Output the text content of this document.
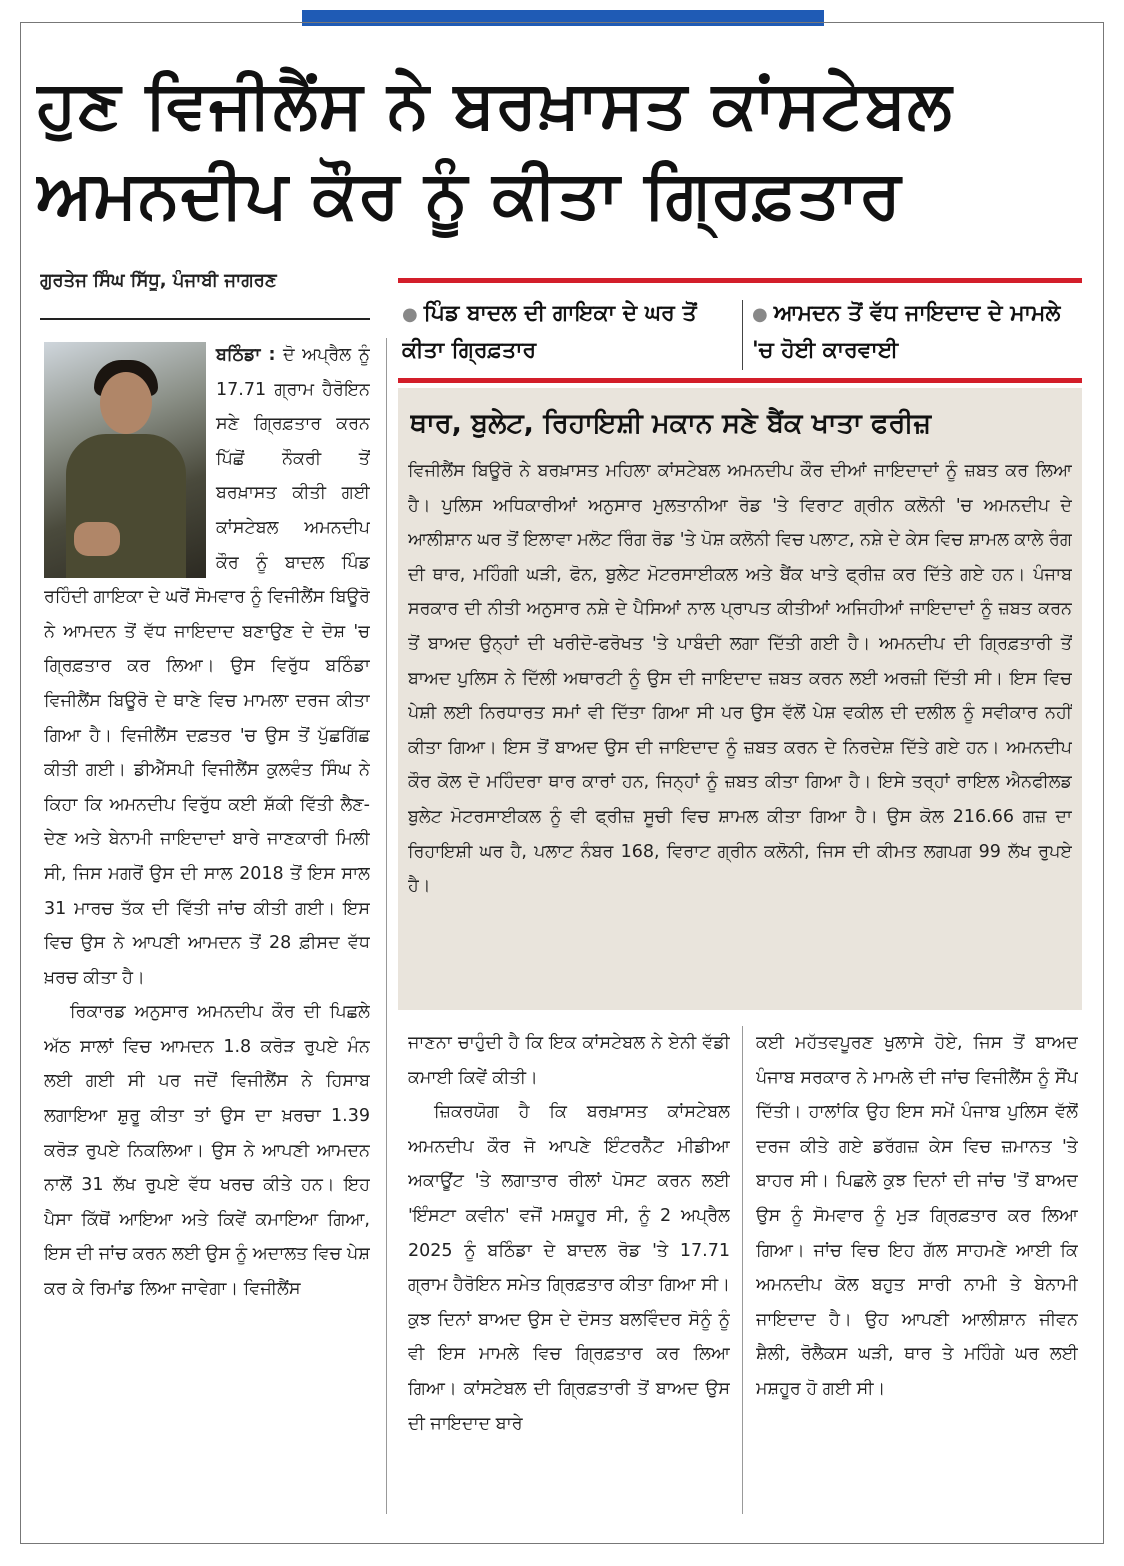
ਹੁਣ ਵਿਜੀਲੈਂਸ ਨੇ ਬਰਖ਼ਾਸਤ ਕਾਂਸਟੇਬਲ
ਅਮਨਦੀਪ ਕੌਰ ਨੂੰ ਕੀਤਾ ਗ੍ਰਿਫ਼ਤਾਰ
ਗੁਰਤੇਜ ਸਿੰਘ ਸਿੱਧੂ, ਪੰਜਾਬੀ ਜਾਗਰਣ
● ਪਿੰਡ ਬਾਦਲ ਦੀ ਗਾਇਕਾ ਦੇ ਘਰ ਤੋਂ ਕੀਤਾ ਗ੍ਰਿਫ਼ਤਾਰ
● ਆਮਦਨ ਤੋਂ ਵੱਧ ਜਾਇਦਾਦ ਦੇ ਮਾਮਲੇ 'ਚ ਹੋਈ ਕਾਰਵਾਈ
ਥਾਰ, ਬੁਲੇਟ, ਰਿਹਾਇਸ਼ੀ ਮਕਾਨ ਸਣੇ ਬੈਂਕ ਖਾਤਾ ਫਰੀਜ਼
ਵਿਜੀਲੈਂਸ ਬਿਊਰੋ ਨੇ ਬਰਖ਼ਾਸਤ ਮਹਿਲਾ ਕਾਂਸਟੇਬਲ ਅਮਨਦੀਪ ਕੌਰ ਦੀਆਂ ਜਾਇਦਾਦਾਂ ਨੂੰ ਜ਼ਬਤ ਕਰ ਲਿਆ ਹੈ। ਪੁਲਿਸ ਅਧਿਕਾਰੀਆਂ ਅਨੁਸਾਰ ਮੁਲਤਾਨੀਆ ਰੋਡ 'ਤੇ ਵਿਰਾਟ ਗ੍ਰੀਨ ਕਲੋਨੀ 'ਚ ਅਮਨਦੀਪ ਦੇ ਆਲੀਸ਼ਾਨ ਘਰ ਤੋਂ ਇਲਾਵਾ ਮਲੋਟ ਰਿੰਗ ਰੋਡ 'ਤੇ ਪੋਸ਼ ਕਲੋਨੀ ਵਿਚ ਪਲਾਟ, ਨਸ਼ੇ ਦੇ ਕੇਸ ਵਿਚ ਸ਼ਾਮਲ ਕਾਲੇ ਰੰਗ ਦੀ ਥਾਰ, ਮਹਿੰਗੀ ਘੜੀ, ਫੋਨ, ਬੁਲੇਟ ਮੋਟਰਸਾਈਕਲ ਅਤੇ ਬੈਂਕ ਖਾਤੇ ਫ੍ਰੀਜ਼ ਕਰ ਦਿੱਤੇ ਗਏ ਹਨ। ਪੰਜਾਬ ਸਰਕਾਰ ਦੀ ਨੀਤੀ ਅਨੁਸਾਰ ਨਸ਼ੇ ਦੇ ਪੈਸਿਆਂ ਨਾਲ ਪ੍ਰਾਪਤ ਕੀਤੀਆਂ ਅਜਿਹੀਆਂ ਜਾਇਦਾਦਾਂ ਨੂੰ ਜ਼ਬਤ ਕਰਨ ਤੋਂ ਬਾਅਦ ਉਨ੍ਹਾਂ ਦੀ ਖਰੀਦੋ-ਫਰੋਖਤ 'ਤੇ ਪਾਬੰਦੀ ਲਗਾ ਦਿੱਤੀ ਗਈ ਹੈ। ਅਮਨਦੀਪ ਦੀ ਗ੍ਰਿਫ਼ਤਾਰੀ ਤੋਂ ਬਾਅਦ ਪੁਲਿਸ ਨੇ ਦਿੱਲੀ ਅਥਾਰਟੀ ਨੂੰ ਉਸ ਦੀ ਜਾਇਦਾਦ ਜ਼ਬਤ ਕਰਨ ਲਈ ਅਰਜ਼ੀ ਦਿੱਤੀ ਸੀ। ਇਸ ਵਿਚ ਪੇਸ਼ੀ ਲਈ ਨਿਰਧਾਰਤ ਸਮਾਂ ਵੀ ਦਿੱਤਾ ਗਿਆ ਸੀ ਪਰ ਉਸ ਵੱਲੋਂ ਪੇਸ਼ ਵਕੀਲ ਦੀ ਦਲੀਲ ਨੂੰ ਸਵੀਕਾਰ ਨਹੀਂ ਕੀਤਾ ਗਿਆ। ਇਸ ਤੋਂ ਬਾਅਦ ਉਸ ਦੀ ਜਾਇਦਾਦ ਨੂੰ ਜ਼ਬਤ ਕਰਨ ਦੇ ਨਿਰਦੇਸ਼ ਦਿੱਤੇ ਗਏ ਹਨ। ਅਮਨਦੀਪ ਕੌਰ ਕੋਲ ਦੋ ਮਹਿੰਦਰਾ ਥਾਰ ਕਾਰਾਂ ਹਨ, ਜਿਨ੍ਹਾਂ ਨੂੰ ਜ਼ਬਤ ਕੀਤਾ ਗਿਆ ਹੈ। ਇਸੇ ਤਰ੍ਹਾਂ ਰਾਇਲ ਐਨਫੀਲਡ ਬੁਲੇਟ ਮੋਟਰਸਾਈਕਲ ਨੂੰ ਵੀ ਫ੍ਰੀਜ਼ ਸੂਚੀ ਵਿਚ ਸ਼ਾਮਲ ਕੀਤਾ ਗਿਆ ਹੈ। ਉਸ ਕੋਲ 216.66 ਗਜ਼ ਦਾ ਰਿਹਾਇਸ਼ੀ ਘਰ ਹੈ, ਪਲਾਟ ਨੰਬਰ 168, ਵਿਰਾਟ ਗ੍ਰੀਨ ਕਲੋਨੀ, ਜਿਸ ਦੀ ਕੀਮਤ ਲਗਪਗ 99 ਲੱਖ ਰੁਪਏ ਹੈ।

ਬਠਿੰਡਾ : ਦੋ ਅਪ੍ਰੈਲ ਨੂੰ 17.71 ਗ੍ਰਾਮ ਹੈਰੋਇਨ ਸਣੇ ਗ੍ਰਿਫ਼ਤਾਰ ਕਰਨ ਪਿੱਛੋਂ ਨੌਕਰੀ ਤੋਂ ਬਰਖ਼ਾਸਤ ਕੀਤੀ ਗਈ ਕਾਂਸਟੇਬਲ ਅਮਨਦੀਪ ਕੌਰ ਨੂੰ ਬਾਦਲ ਪਿੰਡ ਰਹਿੰਦੀ ਗਾਇਕਾ ਦੇ ਘਰੋਂ ਸੋਮਵਾਰ ਨੂੰ ਵਿਜੀਲੈਂਸ ਬਿਊਰੋ ਨੇ ਆਮਦਨ ਤੋਂ ਵੱਧ ਜਾਇਦਾਦ ਬਣਾਉਣ ਦੇ ਦੋਸ਼ 'ਚ ਗ੍ਰਿਫ਼ਤਾਰ ਕਰ ਲਿਆ। ਉਸ ਵਿਰੁੱਧ ਬਠਿੰਡਾ ਵਿਜੀਲੈਂਸ ਬਿਊਰੋ ਦੇ ਥਾਣੇ ਵਿਚ ਮਾਮਲਾ ਦਰਜ ਕੀਤਾ ਗਿਆ ਹੈ। ਵਿਜੀਲੈਂਸ ਦਫ਼ਤਰ 'ਚ ਉਸ ਤੋਂ ਪੁੱਛਗਿੱਛ ਕੀਤੀ ਗਈ। ਡੀਐੱਸਪੀ ਵਿਜੀਲੈਂਸ ਕੁਲਵੰਤ ਸਿੰਘ ਨੇ ਕਿਹਾ ਕਿ ਅਮਨਦੀਪ ਵਿਰੁੱਧ ਕਈ ਸ਼ੱਕੀ ਵਿੱਤੀ ਲੈਣ-ਦੇਣ ਅਤੇ ਬੇਨਾਮੀ ਜਾਇਦਾਦਾਂ ਬਾਰੇ ਜਾਣਕਾਰੀ ਮਿਲੀ ਸੀ, ਜਿਸ ਮਗਰੋਂ ਉਸ ਦੀ ਸਾਲ 2018 ਤੋਂ ਇਸ ਸਾਲ 31 ਮਾਰਚ ਤੱਕ ਦੀ ਵਿੱਤੀ ਜਾਂਚ ਕੀਤੀ ਗਈ। ਇਸ ਵਿਚ ਉਸ ਨੇ ਆਪਣੀ ਆਮਦਨ ਤੋਂ 28 ਫ਼ੀਸਦ ਵੱਧ ਖ਼ਰਚ ਕੀਤਾ ਹੈ।

ਰਿਕਾਰਡ ਅਨੁਸਾਰ ਅਮਨਦੀਪ ਕੌਰ ਦੀ ਪਿਛਲੇ ਅੱਠ ਸਾਲਾਂ ਵਿਚ ਆਮਦਨ 1.8 ਕਰੋੜ ਰੁਪਏ ਮੰਨ ਲਈ ਗਈ ਸੀ ਪਰ ਜਦੋਂ ਵਿਜੀਲੈਂਸ ਨੇ ਹਿਸਾਬ ਲਗਾਇਆ ਸ਼ੁਰੂ ਕੀਤਾ ਤਾਂ ਉਸ ਦਾ ਖ਼ਰਚਾ 1.39 ਕਰੋੜ ਰੁਪਏ ਨਿਕਲਿਆ। ਉਸ ਨੇ ਆਪਣੀ ਆਮਦਨ ਨਾਲੋਂ 31 ਲੱਖ ਰੁਪਏ ਵੱਧ ਖਰਚ ਕੀਤੇ ਹਨ। ਇਹ ਪੈਸਾ ਕਿੱਥੋਂ ਆਇਆ ਅਤੇ ਕਿਵੇਂ ਕਮਾਇਆ ਗਿਆ, ਇਸ ਦੀ ਜਾਂਚ ਕਰਨ ਲਈ ਉਸ ਨੂੰ ਅਦਾਲਤ ਵਿਚ ਪੇਸ਼ ਕਰ ਕੇ ਰਿਮਾਂਡ ਲਿਆ ਜਾਵੇਗਾ। ਵਿਜੀਲੈਂਸ

ਜਾਣਨਾ ਚਾਹੁੰਦੀ ਹੈ ਕਿ ਇਕ ਕਾਂਸਟੇਬਲ ਨੇ ਏਨੀ ਵੱਡੀ ਕਮਾਈ ਕਿਵੇਂ ਕੀਤੀ।

ਜ਼ਿਕਰਯੋਗ ਹੈ ਕਿ ਬਰਖ਼ਾਸਤ ਕਾਂਸਟੇਬਲ ਅਮਨਦੀਪ ਕੌਰ ਜੋ ਆਪਣੇ ਇੰਟਰਨੈੱਟ ਮੀਡੀਆ ਅਕਾਊਂਟ 'ਤੇ ਲਗਾਤਾਰ ਰੀਲਾਂ ਪੋਸਟ ਕਰਨ ਲਈ 'ਇੰਸਟਾ ਕਵੀਨ' ਵਜੋਂ ਮਸ਼ਹੂਰ ਸੀ, ਨੂੰ 2 ਅਪ੍ਰੈਲ 2025 ਨੂੰ ਬਠਿੰਡਾ ਦੇ ਬਾਦਲ ਰੋਡ 'ਤੇ 17.71 ਗ੍ਰਾਮ ਹੈਰੋਇਨ ਸਮੇਤ ਗ੍ਰਿਫ਼ਤਾਰ ਕੀਤਾ ਗਿਆ ਸੀ। ਕੁਝ ਦਿਨਾਂ ਬਾਅਦ ਉਸ ਦੇ ਦੋਸਤ ਬਲਵਿੰਦਰ ਸੋਨੂੰ ਨੂੰ ਵੀ ਇਸ ਮਾਮਲੇ ਵਿਚ ਗ੍ਰਿਫ਼ਤਾਰ ਕਰ ਲਿਆ ਗਿਆ। ਕਾਂਸਟੇਬਲ ਦੀ ਗ੍ਰਿਫ਼ਤਾਰੀ ਤੋਂ ਬਾਅਦ ਉਸ ਦੀ ਜਾਇਦਾਦ ਬਾਰੇ

ਕਈ ਮਹੱਤਵਪੂਰਣ ਖੁਲਾਸੇ ਹੋਏ, ਜਿਸ ਤੋਂ ਬਾਅਦ ਪੰਜਾਬ ਸਰਕਾਰ ਨੇ ਮਾਮਲੇ ਦੀ ਜਾਂਚ ਵਿਜੀਲੈਂਸ ਨੂੰ ਸੌਂਪ ਦਿੱਤੀ। ਹਾਲਾਂਕਿ ਉਹ ਇਸ ਸਮੇਂ ਪੰਜਾਬ ਪੁਲਿਸ ਵੱਲੋਂ ਦਰਜ ਕੀਤੇ ਗਏ ਡਰੱਗਜ਼ ਕੇਸ ਵਿਚ ਜ਼ਮਾਨਤ 'ਤੇ ਬਾਹਰ ਸੀ। ਪਿਛਲੇ ਕੁਝ ਦਿਨਾਂ ਦੀ ਜਾਂਚ 'ਤੋਂ ਬਾਅਦ ਉਸ ਨੂੰ ਸੋਮਵਾਰ ਨੂੰ ਮੁੜ ਗ੍ਰਿਫ਼ਤਾਰ ਕਰ ਲਿਆ ਗਿਆ। ਜਾਂਚ ਵਿਚ ਇਹ ਗੱਲ ਸਾਹਮਣੇ ਆਈ ਕਿ ਅਮਨਦੀਪ ਕੋਲ ਬਹੁਤ ਸਾਰੀ ਨਾਮੀ ਤੇ ਬੇਨਾਮੀ ਜਾਇਦਾਦ ਹੈ। ਉਹ ਆਪਣੀ ਆਲੀਸ਼ਾਨ ਜੀਵਨ ਸ਼ੈਲੀ, ਰੋਲੈਕਸ ਘੜੀ, ਥਾਰ ਤੇ ਮਹਿੰਗੇ ਘਰ ਲਈ ਮਸ਼ਹੂਰ ਹੋ ਗਈ ਸੀ।
